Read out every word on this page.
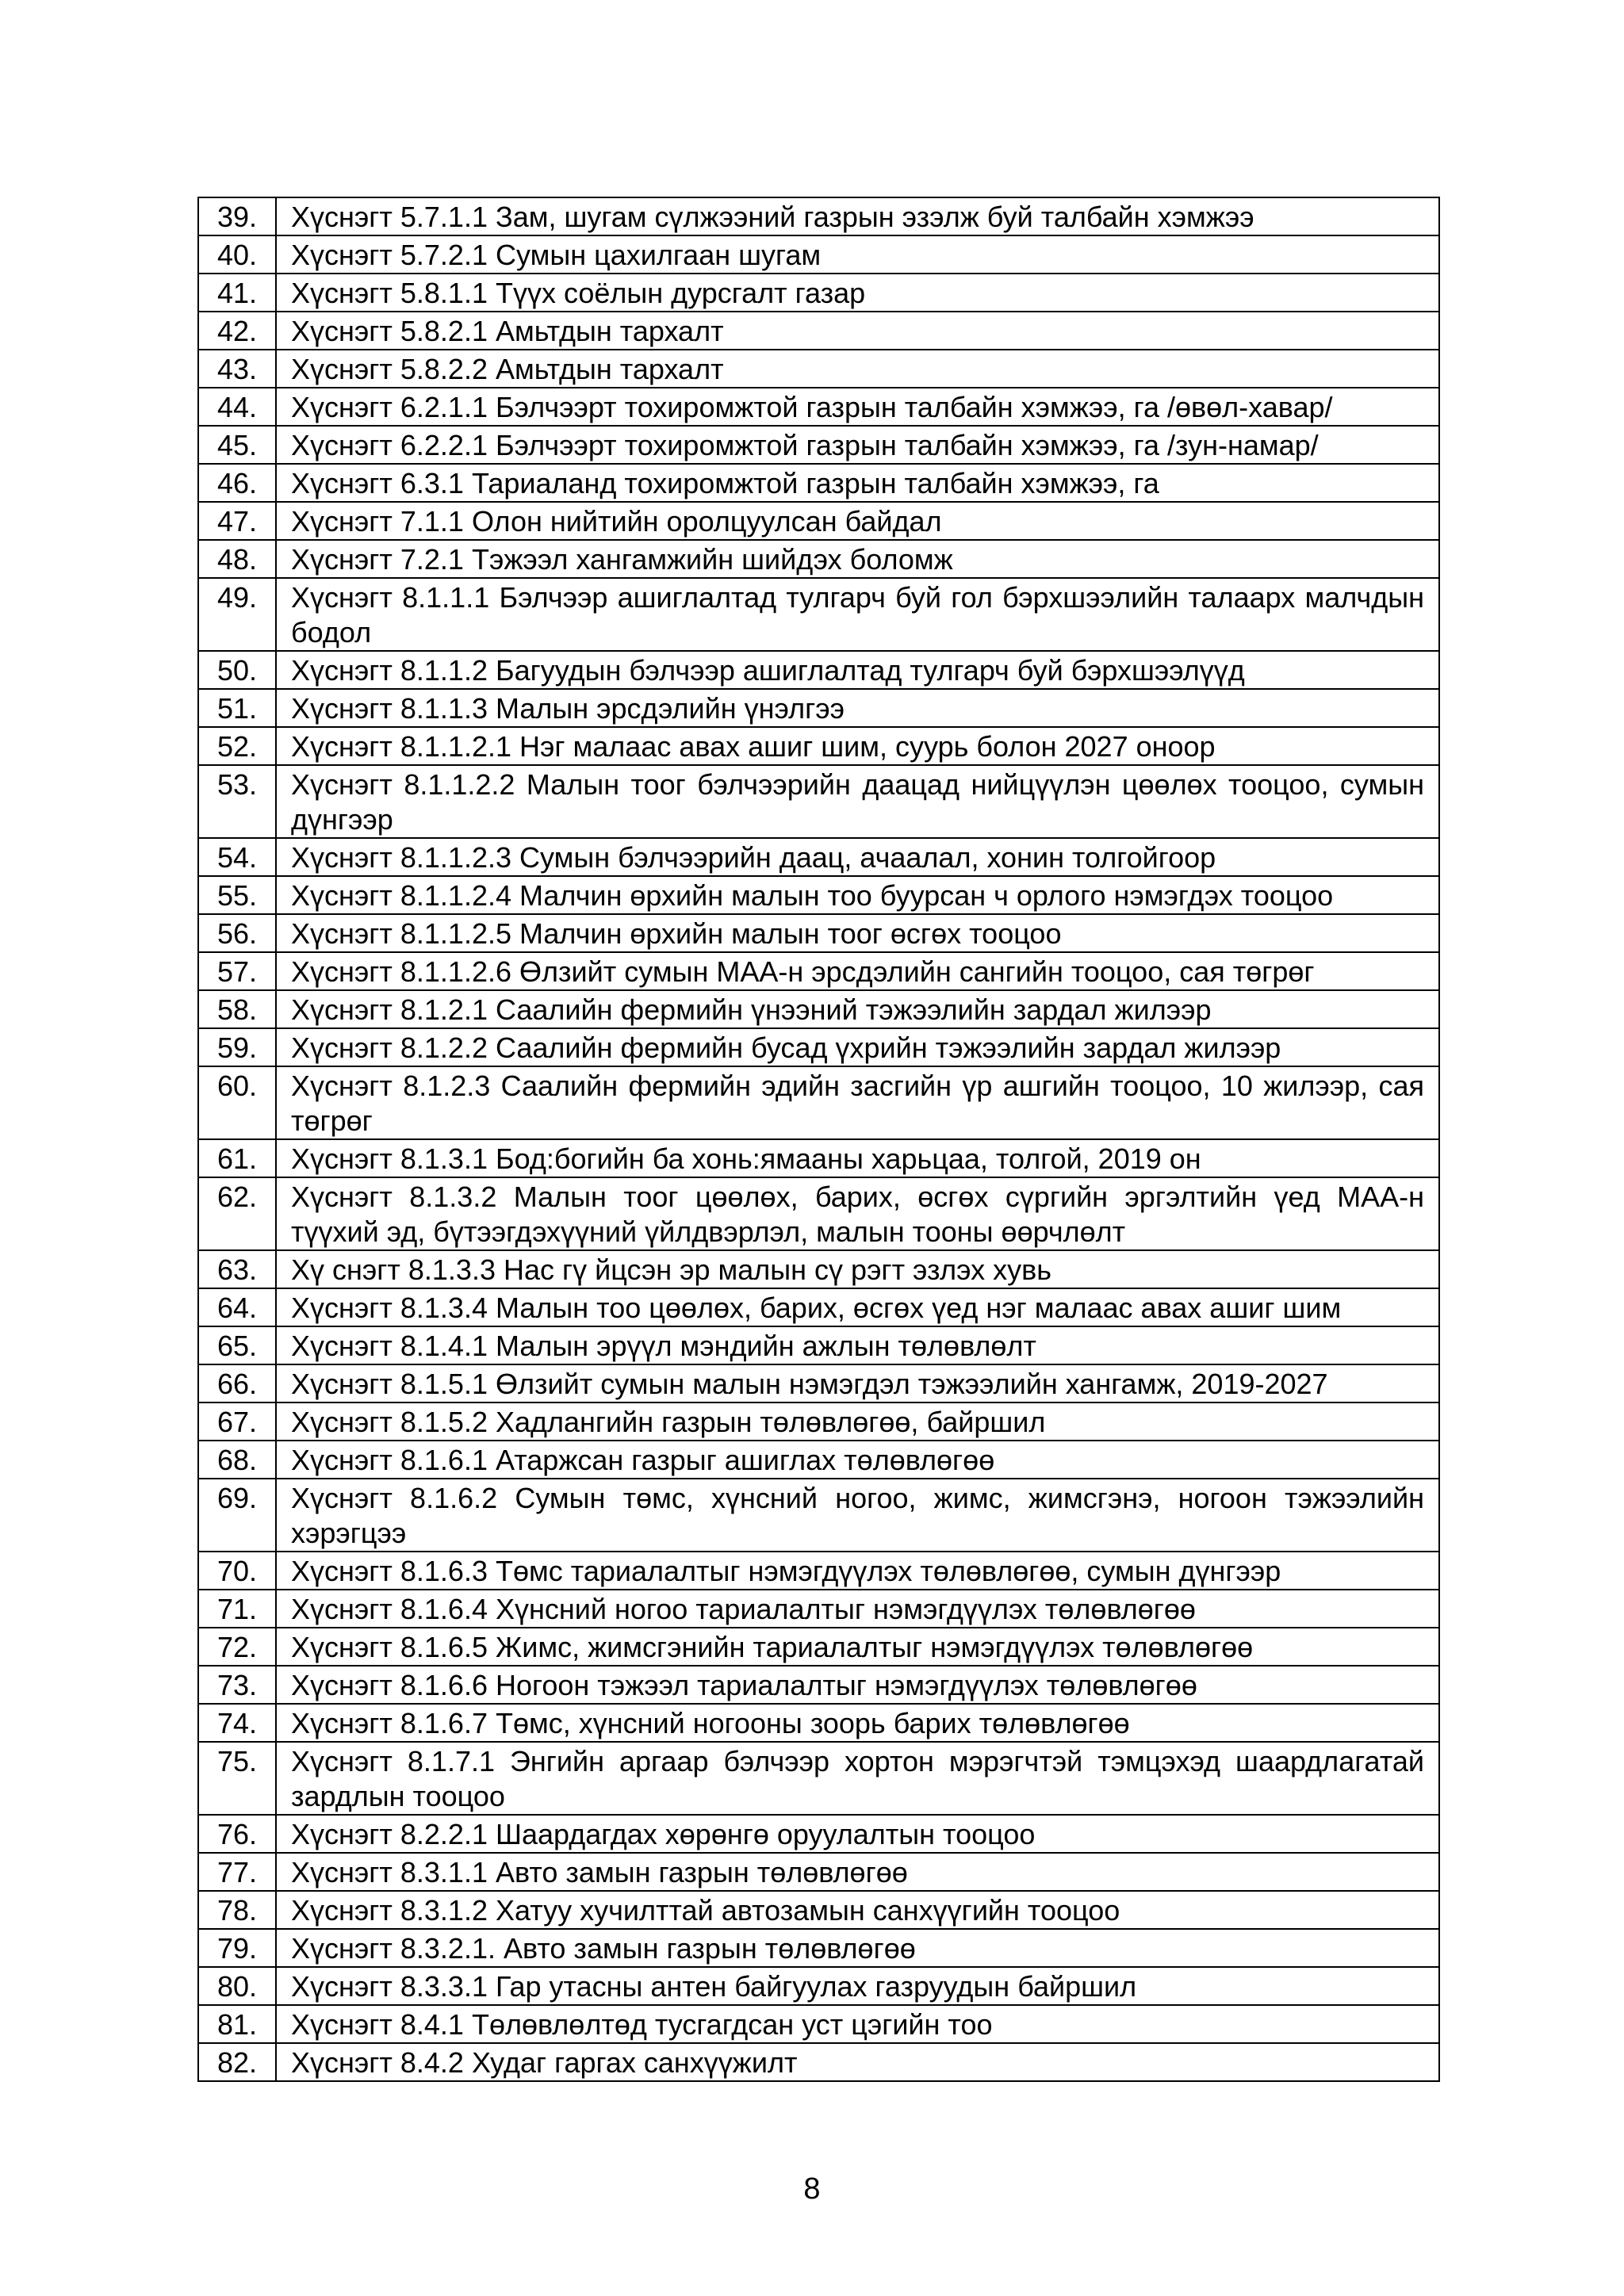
39.	Хүснэгт 5.7.1.1 Зам, шугам сүлжээний газрын эзэлж буй талбайн хэмжээ
40.	Хүснэгт 5.7.2.1 Сумын цахилгаан шугам
41.	Хүснэгт 5.8.1.1 Түүх соёлын дурсгалт газар
42.	Хүснэгт 5.8.2.1 Амьтдын тархалт
43.	Хүснэгт 5.8.2.2 Амьтдын тархалт
44.	Хүснэгт 6.2.1.1 Бэлчээрт тохиромжтой газрын талбайн хэмжээ, га /өвөл-хавар/
45.	Хүснэгт 6.2.2.1 Бэлчээрт тохиромжтой газрын талбайн хэмжээ, га /зун-намар/
46.	Хүснэгт 6.3.1 Тариаланд тохиромжтой газрын талбайн хэмжээ, га
47.	Хүснэгт 7.1.1 Олон нийтийн оролцуулсан байдал
48.	Хүснэгт 7.2.1 Тэжээл хангамжийн шийдэх боломж
49.	Хүснэгт 8.1.1.1 Бэлчээр ашиглалтад тулгарч буй гол бэрхшээлийн талаарх малчдын бодол
50.	Хүснэгт 8.1.1.2 Багуудын бэлчээр ашиглалтад тулгарч буй бэрхшээлүүд
51.	Хүснэгт 8.1.1.3 Малын эрсдэлийн үнэлгээ
52.	Хүснэгт 8.1.1.2.1 Нэг малаас авах ашиг шим, суурь болон 2027 оноор
53.	Хүснэгт 8.1.1.2.2 Малын тоог бэлчээрийн даацад нийцүүлэн цөөлөх тооцоо, сумын дүнгээр
54.	Хүснэгт 8.1.1.2.3 Сумын бэлчээрийн даац, ачаалал, хонин толгойгоор
55.	Хүснэгт 8.1.1.2.4 Малчин өрхийн малын тоо буурсан ч орлого нэмэгдэх тооцоо
56.	Хүснэгт 8.1.1.2.5 Малчин өрхийн малын тоог өсгөх тооцоо
57.	Хүснэгт 8.1.1.2.6 Өлзийт сумын МАА-н эрсдэлийн сангийн тооцоо, сая төгрөг
58.	Хүснэгт 8.1.2.1 Саалийн фермийн үнээний тэжээлийн зардал жилээр
59.	Хүснэгт 8.1.2.2 Саалийн фермийн бусад үхрийн тэжээлийн зардал жилээр
60.	Хүснэгт 8.1.2.3 Саалийн фермийн эдийн засгийн үр ашгийн тооцоо, 10 жилээр, сая төгрөг
61.	Хүснэгт 8.1.3.1 Бод:богийн ба хонь:ямааны харьцаа, толгой, 2019 он
62.	Хүснэгт 8.1.3.2 Малын тоог цөөлөх, барих, өсгөх сүргийн эргэлтийн үед МАА-н түүхий эд, бүтээгдэхүүний үйлдвэрлэл, малын тооны өөрчлөлт
63.	Хү снэгт 8.1.3.3 Нас гү йцсэн эр малын сү рэгт эзлэх хувь
64.	Хүснэгт 8.1.3.4 Малын тоо цөөлөх, барих, өсгөх үед нэг малаас авах ашиг шим
65.	Хүснэгт 8.1.4.1 Малын эрүүл мэндийн ажлын төлөвлөлт
66.	Хүснэгт 8.1.5.1 Өлзийт сумын малын нэмэгдэл тэжээлийн хангамж, 2019-2027
67.	Хүснэгт 8.1.5.2 Хадлангийн газрын төлөвлөгөө, байршил
68.	Хүснэгт 8.1.6.1 Атаржсан газрыг ашиглах төлөвлөгөө
69.	Хүснэгт 8.1.6.2 Сумын төмс, хүнсний ногоо, жимс, жимсгэнэ, ногоон тэжээлийн хэрэгцээ
70.	Хүснэгт 8.1.6.3 Төмс тариалалтыг нэмэгдүүлэх төлөвлөгөө, сумын дүнгээр
71.	Хүснэгт 8.1.6.4 Хүнсний ногоо тариалалтыг нэмэгдүүлэх төлөвлөгөө
72.	Хүснэгт 8.1.6.5 Жимс, жимсгэнийн тариалалтыг нэмэгдүүлэх төлөвлөгөө
73.	Хүснэгт 8.1.6.6 Ногоон тэжээл тариалалтыг нэмэгдүүлэх төлөвлөгөө
74.	Хүснэгт 8.1.6.7 Төмс, хүнсний ногооны зоорь барих төлөвлөгөө
75.	Хүснэгт 8.1.7.1 Энгийн аргаар бэлчээр хортон мэрэгчтэй тэмцэхэд шаардлагатай зардлын тооцоо
76.	Хүснэгт 8.2.2.1 Шаардагдах хөрөнгө оруулалтын тооцоо
77.	Хүснэгт 8.3.1.1 Авто замын газрын төлөвлөгөө
78.	Хүснэгт 8.3.1.2 Хатуу хучилттай автозамын санхүүгийн тооцоо
79.	Хүснэгт 8.3.2.1. Авто замын газрын төлөвлөгөө
80.	Хүснэгт 8.3.3.1 Гар утасны антен байгуулах газруудын байршил
81.	Хүснэгт 8.4.1 Төлөвлөлтөд тусгагдсан уст цэгийн тоо
82.	Хүснэгт 8.4.2 Худаг гаргах санхүүжилт
8
